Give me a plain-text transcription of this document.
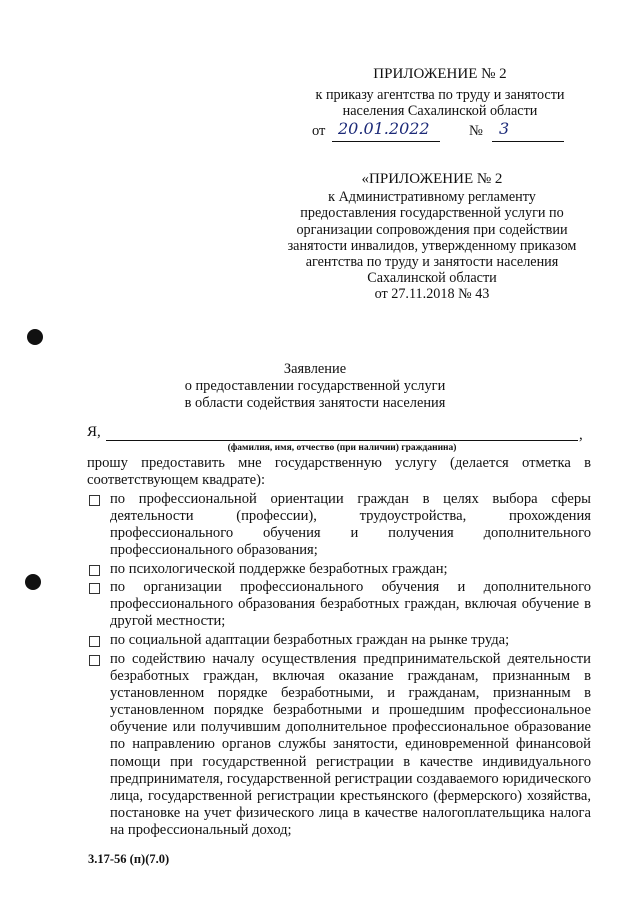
ПРИЛОЖЕНИЕ № 2
к приказу агентства по труду и занятости
населения Сахалинской области
от 20.01.2022	№ 3
«ПРИЛОЖЕНИЕ № 2
к Административному регламенту
предоставления государственной услуги по
организации сопровождения при содействии
занятости инвалидов, утвержденному приказом
агентства по труду и занятости населения
Сахалинской области
от 27.11.2018 № 43
Заявление
о предоставлении государственной услуги
в области содействия занятости населения
Я,	,
(фамилия, имя, отчество (при наличии) гражданина)
прошу предоставить мне государственную услугу (делается отметка в соответствующем квадрате):
по профессиональной ориентации граждан в целях выбора сферы деятельности (профессии), трудоустройства, прохождения профессионального обучения и получения дополнительного профессионального образования;
по психологической поддержке безработных граждан;
по организации профессионального обучения и дополнительного профессионального образования безработных граждан, включая обучение в другой местности;
по социальной адаптации безработных граждан на рынке труда;
по содействию началу осуществления предпринимательской деятельности безработных граждан, включая оказание гражданам, признанным в установленном порядке безработными, и гражданам, признанным в установленном порядке безработными и прошедшим профессиональное обучение или получившим дополнительное профессиональное образование по направлению органов службы занятости, единовременной финансовой помощи при государственной регистрации в качестве индивидуального предпринимателя, государственной регистрации создаваемого юридического лица, государственной регистрации крестьянского (фермерского) хозяйства, постановке на учет физического лица в качестве налогоплательщика налога на профессиональный доход;
3.17-56 (п)(7.0)
